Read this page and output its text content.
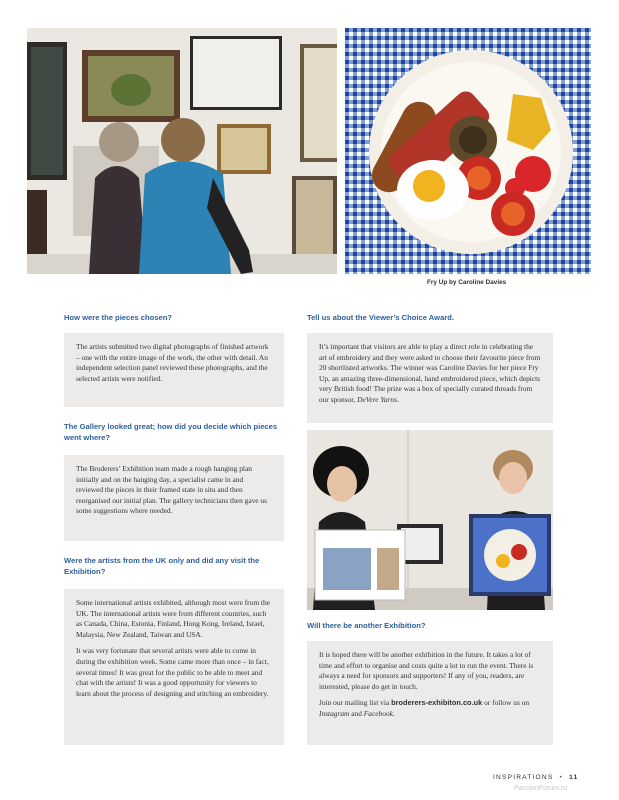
Fry Up by Caroline Davies
How were the pieces chosen?

The artists submitted two digital photographs of finished artwork – one with the entire image of the work, the other with detail. An independent selection panel reviewed these photographs, and the selected artists were notified.

The Gallery looked great; how did you decide which pieces went where?

The Broderers’ Exhibition team made a rough hanging plan initially and on the hanging day, a specialist came in and reviewed the pieces in their framed state in situ and then reorganised our initial plan. The gallery technicians then gave us some suggestions where needed.

Were the artists from the UK only and did any visit the Exhibition?

Some international artists exhibited, although most were from the UK. The international artists were from different countries, such as Canada, China, Estonia, Finland, Hong Kong, Ireland, Israel, Malaysia, New Zealand, Taiwan and USA.

It was very fortunate that several artists were able to come in during the exhibition week. Some came more than once – in fact, several times! It was great for the public to be able to meet and chat with the artists! It was a good opportunity for viewers to learn about the process of designing and stitching an embroidery.

Tell us about the Viewer’s Choice Award.

It’s important that visitors are able to play a direct role in celebrating the art of embroidery and they were asked to choose their favourite piece from 20 shortlisted artworks. The winner was Caroline Davies for her piece Fry Up, an amazing three-dimensional, hand embroidered piece, which depicts very British food! The prize was a box of specially curated threads from our sponsor, DeVere Yarns.

Will there be another Exhibition?

It is hoped there will be another exhibition in the future. It takes a lot of time and effort to organise and costs quite a lot to run the event. There is always a need for sponsors and supporters! If any of you, readers, are interested, please do get in touch.

Join our mailing list via broderers-exhibiton.co.uk or follow us on Instagram and Facebook.

INSPIRATIONS • 11
PassionForum.ru
